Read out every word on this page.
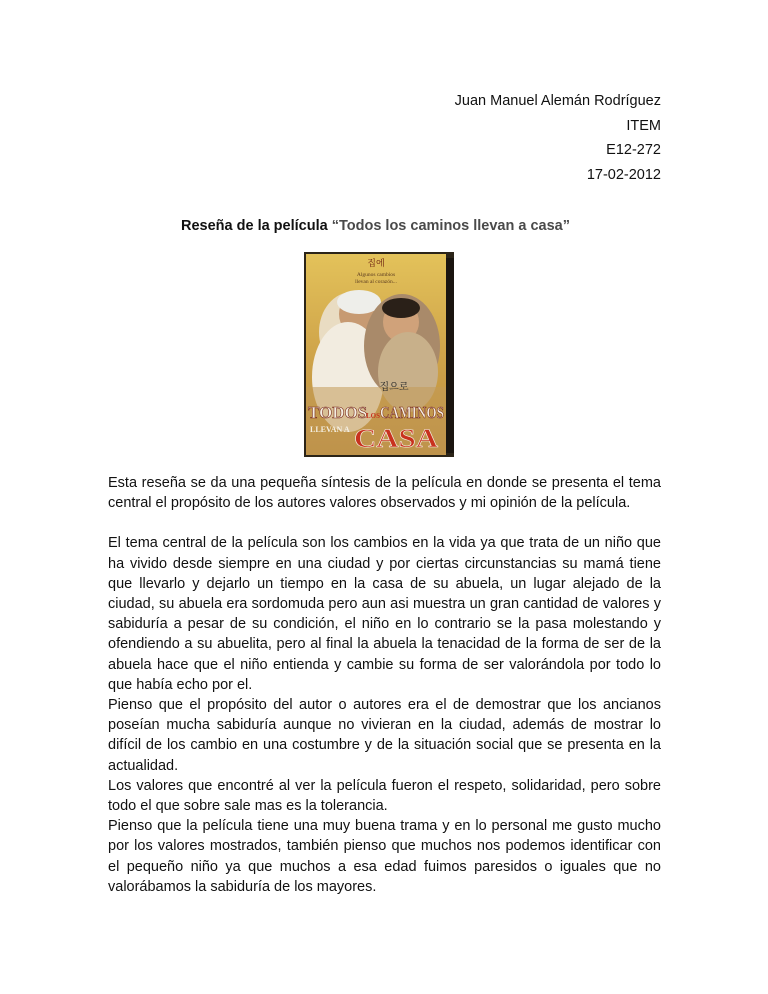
Juan Manuel Alemán Rodríguez
ITEM
E12-272
17-02-2012
Reseña de la película “Todos los caminos llevan a casa”
집에
Algunos cambios
llevan al corazón...
집으로
TODOS
LOS CAMINOS
LLEVAN A CASA

Esta reseña se da una pequeña síntesis de la película en donde se presenta el tema central el propósito de los autores valores observados y mi opinión de la película.

El tema central de la película son los cambios en la vida ya que trata de un niño que ha vivido desde siempre en una ciudad y por ciertas circunstancias su mamá tiene que llevarlo y dejarlo un tiempo en la casa de su abuela, un lugar alejado de la ciudad, su abuela era sordomuda pero aun asi muestra un gran cantidad de valores y sabiduría a pesar de su condición, el niño en lo contrario se la pasa molestando y ofendiendo a su abuelita, pero al final la abuela la tenacidad de la forma de ser de la abuela hace que el niño entienda y cambie su forma de ser valorándola por todo lo que había echo por el.

Pienso que el propósito del autor o autores era el de demostrar que los ancianos poseían mucha sabiduría aunque no vivieran en la ciudad, además de mostrar lo difícil de los cambio en una costumbre y de la situación social que se presenta en la actualidad.

Los valores que encontré al ver la película fueron el respeto, solidaridad, pero sobre todo el que sobre sale mas es la tolerancia.

Pienso que la película tiene una muy buena trama y en lo personal me gusto mucho por los valores mostrados, también pienso que muchos nos podemos identificar con el pequeño niño ya que muchos a esa edad fuimos paresidos o iguales que no valorábamos la sabiduría de los mayores.
